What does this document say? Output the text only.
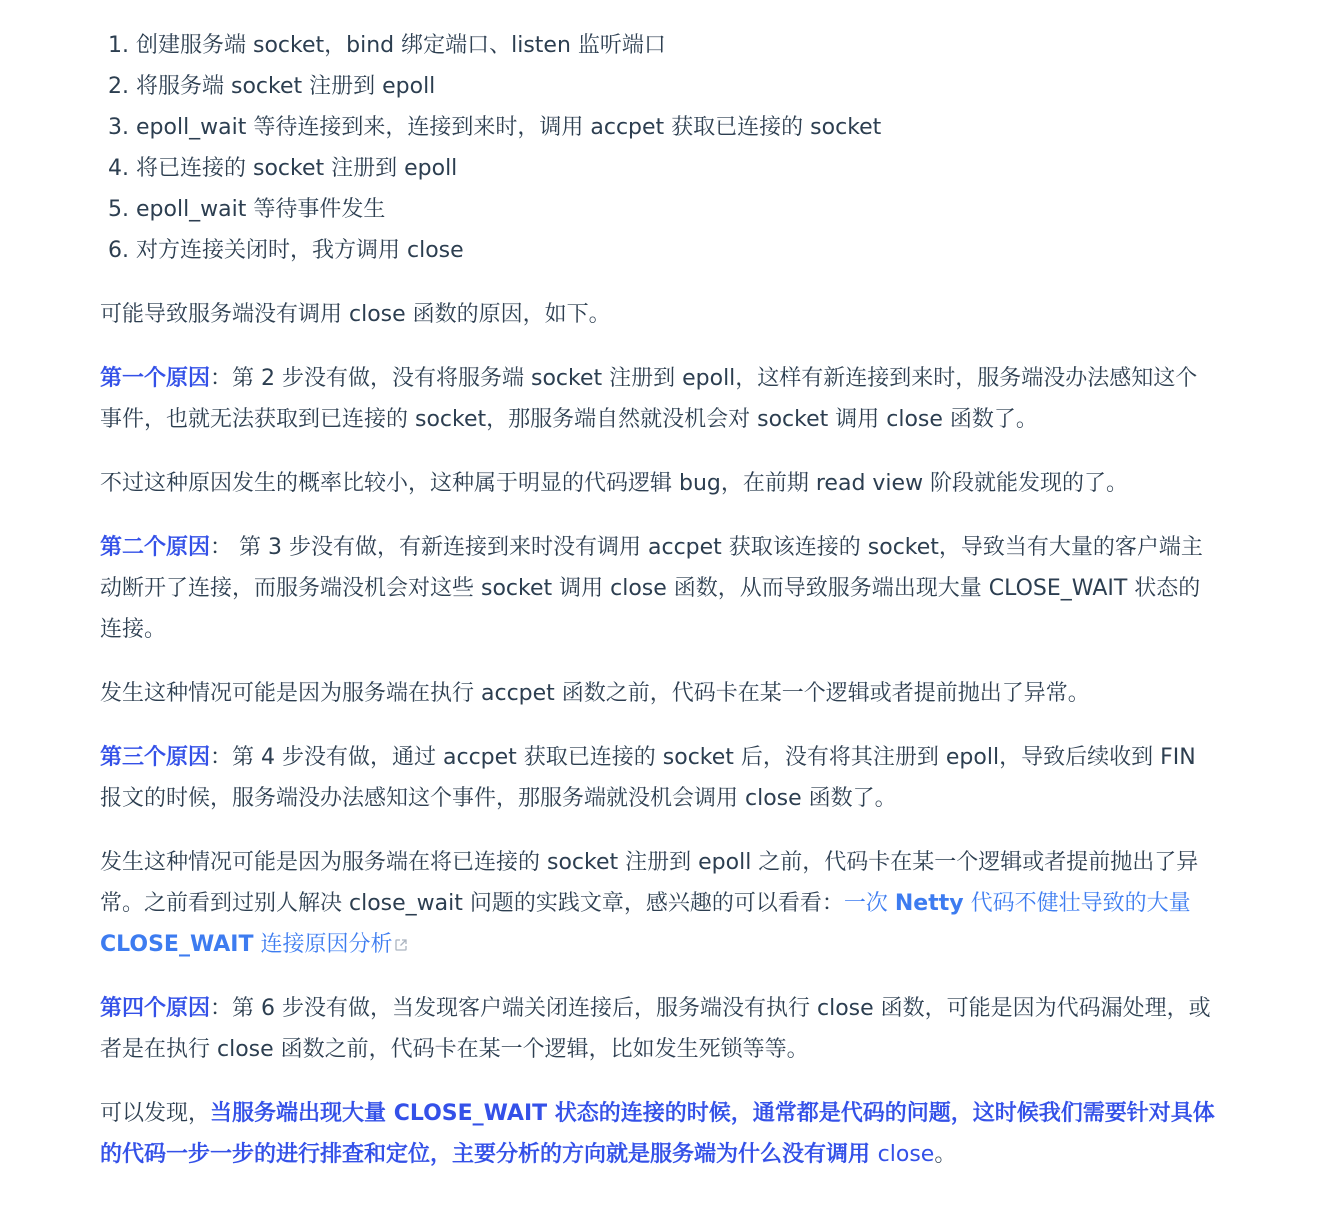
1. 创建服务端 socket，bind 绑定端口、listen 监听端口
2. 将服务端 socket 注册到 epoll
3. epoll_wait 等待连接到来，连接到来时，调用 accpet 获取已连接的 socket
4. 将已连接的 socket 注册到 epoll
5. epoll_wait 等待事件发生
6. 对方连接关闭时，我方调用 close

可能导致服务端没有调用 close 函数的原因，如下。

第一个原因：第 2 步没有做，没有将服务端 socket 注册到 epoll，这样有新连接到来时，服务端没办法感知这个事件，也就无法获取到已连接的 socket，那服务端自然就没机会对 socket 调用 close 函数了。

不过这种原因发生的概率比较小，这种属于明显的代码逻辑 bug，在前期 read view 阶段就能发现的了。

第二个原因： 第 3 步没有做，有新连接到来时没有调用 accpet 获取该连接的 socket，导致当有大量的客户端主动断开了连接，而服务端没机会对这些 socket 调用 close 函数，从而导致服务端出现大量 CLOSE_WAIT 状态的连接。

发生这种情况可能是因为服务端在执行 accpet 函数之前，代码卡在某一个逻辑或者提前抛出了异常。

第三个原因：第 4 步没有做，通过 accpet 获取已连接的 socket 后，没有将其注册到 epoll，导致后续收到 FIN 报文的时候，服务端没办法感知这个事件，那服务端就没机会调用 close 函数了。

发生这种情况可能是因为服务端在将已连接的 socket 注册到 epoll 之前，代码卡在某一个逻辑或者提前抛出了异常。之前看到过别人解决 close_wait 问题的实践文章，感兴趣的可以看看：一次 Netty 代码不健壮导致的大量 CLOSE_WAIT 连接原因分析

第四个原因：第 6 步没有做，当发现客户端关闭连接后，服务端没有执行 close 函数，可能是因为代码漏处理，或者是在执行 close 函数之前，代码卡在某一个逻辑，比如发生死锁等等。

可以发现，当服务端出现大量 CLOSE_WAIT 状态的连接的时候，通常都是代码的问题，这时候我们需要针对具体的代码一步一步的进行排查和定位，主要分析的方向就是服务端为什么没有调用 close。
